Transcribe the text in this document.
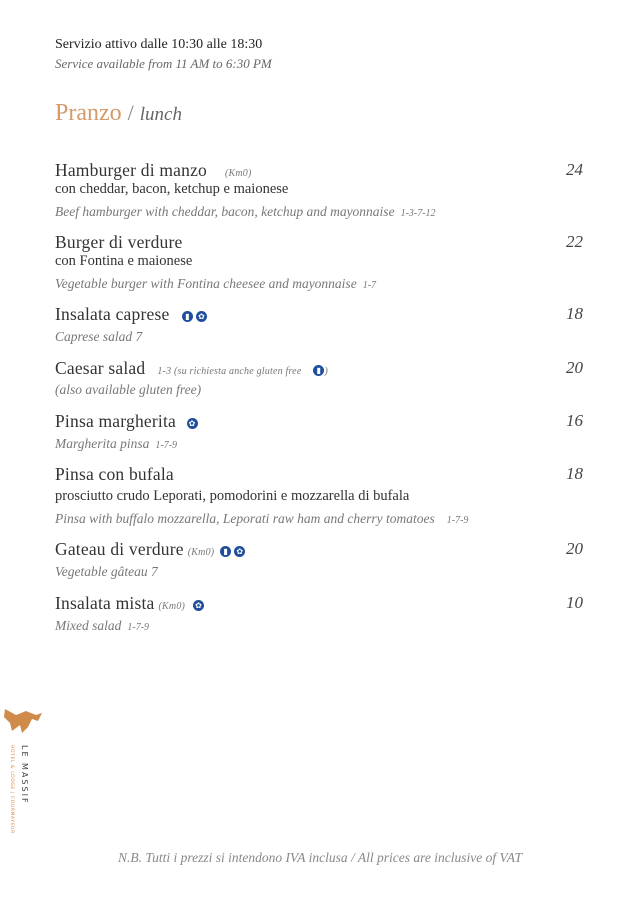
Servizio attivo dalle 10:30 alle 18:30
Service available from 11 AM to 6:30 PM
Pranzo / lunch
Hamburger di manzo (Km0)	24
con cheddar, bacon, ketchup e maionese
Beef hamburger with cheddar, bacon, ketchup and mayonnaise 1-3-7-12
Burger di verdure	22
con Fontina e maionese
Vegetable burger with Fontina cheesee and mayonnaise 1-7
Insalata caprese ▮ ✿	18
Caprese salad 7
Caesar salad 1-3 (su richiesta anche gluten free ▮ )	20
(also available gluten free)
Pinsa margherita ✿	16
Margherita pinsa 1-7-9
Pinsa con bufala	18
prosciutto crudo Leporati, pomodorini e mozzarella di bufala
Pinsa with buffalo mozzarella, Leporati raw ham and cherry tomatoes 1-7-9
Gateau di verdure (Km0) ▮ ✿	20
Vegetable gâteau 7
Insalata mista (Km0) ✿	10
Mixed salad 1-7-9
LE MASSIF
HOTEL & LODGE | COURMAYEUR
N.B. Tutti i prezzi si intendono IVA inclusa / All prices are inclusive of VAT
